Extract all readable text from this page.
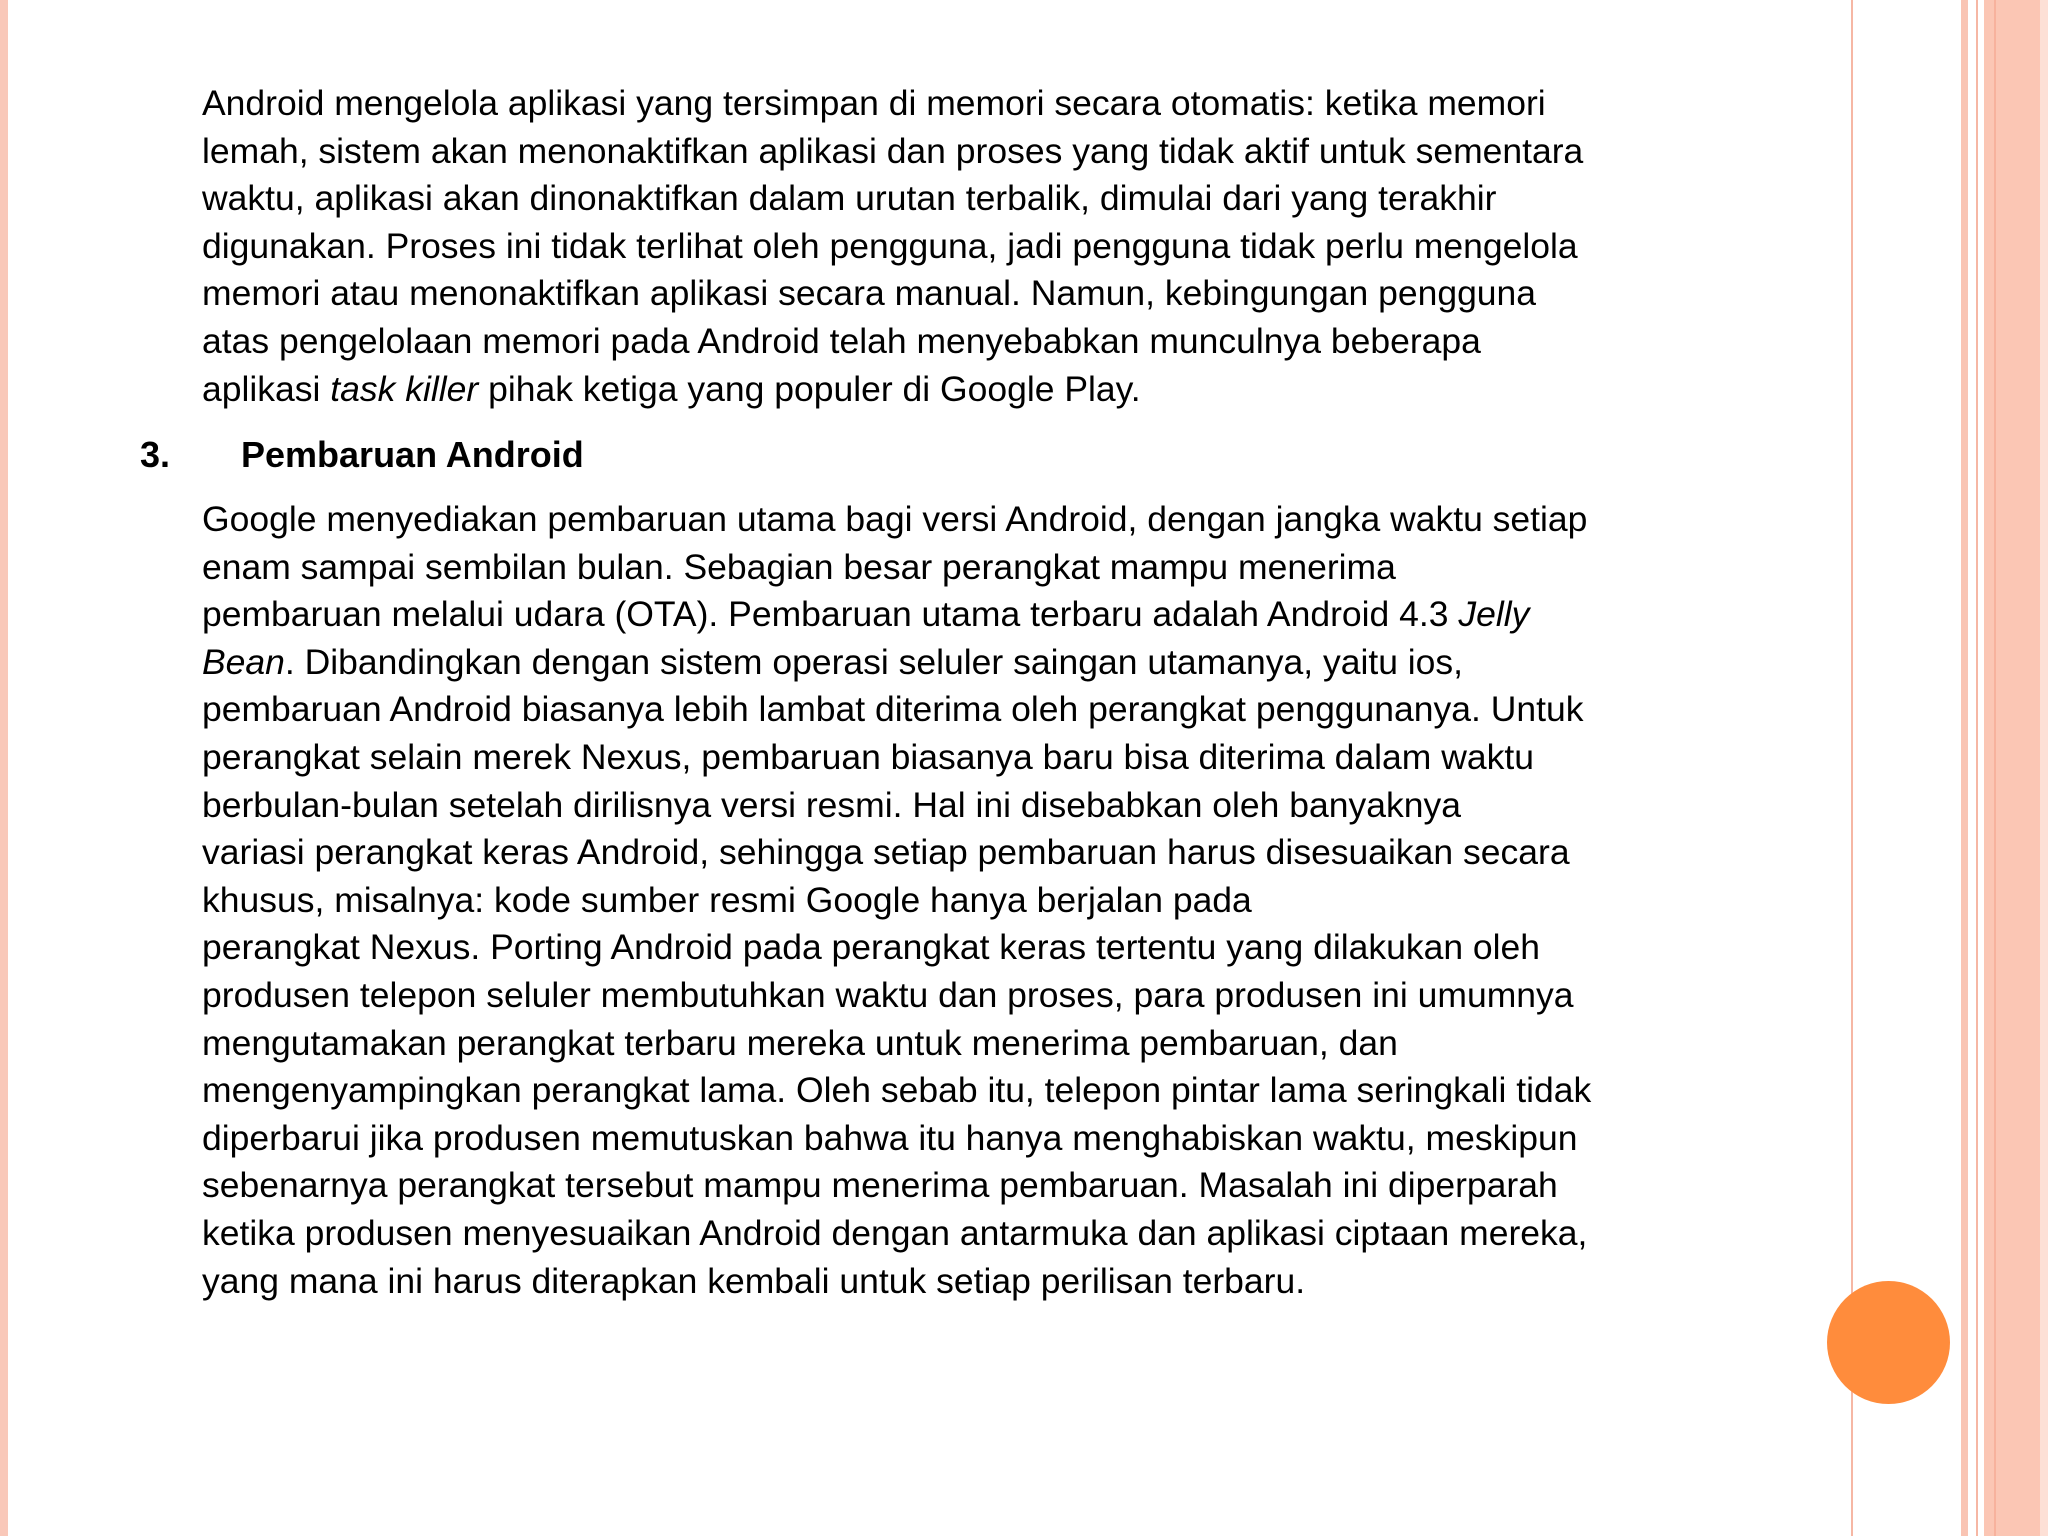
Android mengelola aplikasi yang tersimpan di memori secara otomatis: ketika memori
lemah, sistem akan menonaktifkan aplikasi dan proses yang tidak aktif untuk sementara
waktu, aplikasi akan dinonaktifkan dalam urutan terbalik, dimulai dari yang terakhir
digunakan. Proses ini tidak terlihat oleh pengguna, jadi pengguna tidak perlu mengelola
memori atau menonaktifkan aplikasi secara manual. Namun, kebingungan pengguna
atas pengelolaan memori pada Android telah menyebabkan munculnya beberapa
aplikasi task killer pihak ketiga yang populer di Google Play.

3. Pembaruan Android

Google menyediakan pembaruan utama bagi versi Android, dengan jangka waktu setiap
enam sampai sembilan bulan. Sebagian besar perangkat mampu menerima
pembaruan melalui udara (OTA). Pembaruan utama terbaru adalah Android 4.3 Jelly
Bean. Dibandingkan dengan sistem operasi seluler saingan utamanya, yaitu ios,
pembaruan Android biasanya lebih lambat diterima oleh perangkat penggunanya. Untuk
perangkat selain merek Nexus, pembaruan biasanya baru bisa diterima dalam waktu
berbulan-bulan setelah dirilisnya versi resmi. Hal ini disebabkan oleh banyaknya
variasi perangkat keras Android, sehingga setiap pembaruan harus disesuaikan secara
khusus, misalnya: kode sumber resmi Google hanya berjalan pada
perangkat Nexus. Porting Android pada perangkat keras tertentu yang dilakukan oleh
produsen telepon seluler membutuhkan waktu dan proses, para produsen ini umumnya
mengutamakan perangkat terbaru mereka untuk menerima pembaruan, dan
mengenyampingkan perangkat lama. Oleh sebab itu, telepon pintar lama seringkali tidak
diperbarui jika produsen memutuskan bahwa itu hanya menghabiskan waktu, meskipun
sebenarnya perangkat tersebut mampu menerima pembaruan. Masalah ini diperparah
ketika produsen menyesuaikan Android dengan antarmuka dan aplikasi ciptaan mereka,
yang mana ini harus diterapkan kembali untuk setiap perilisan terbaru.
